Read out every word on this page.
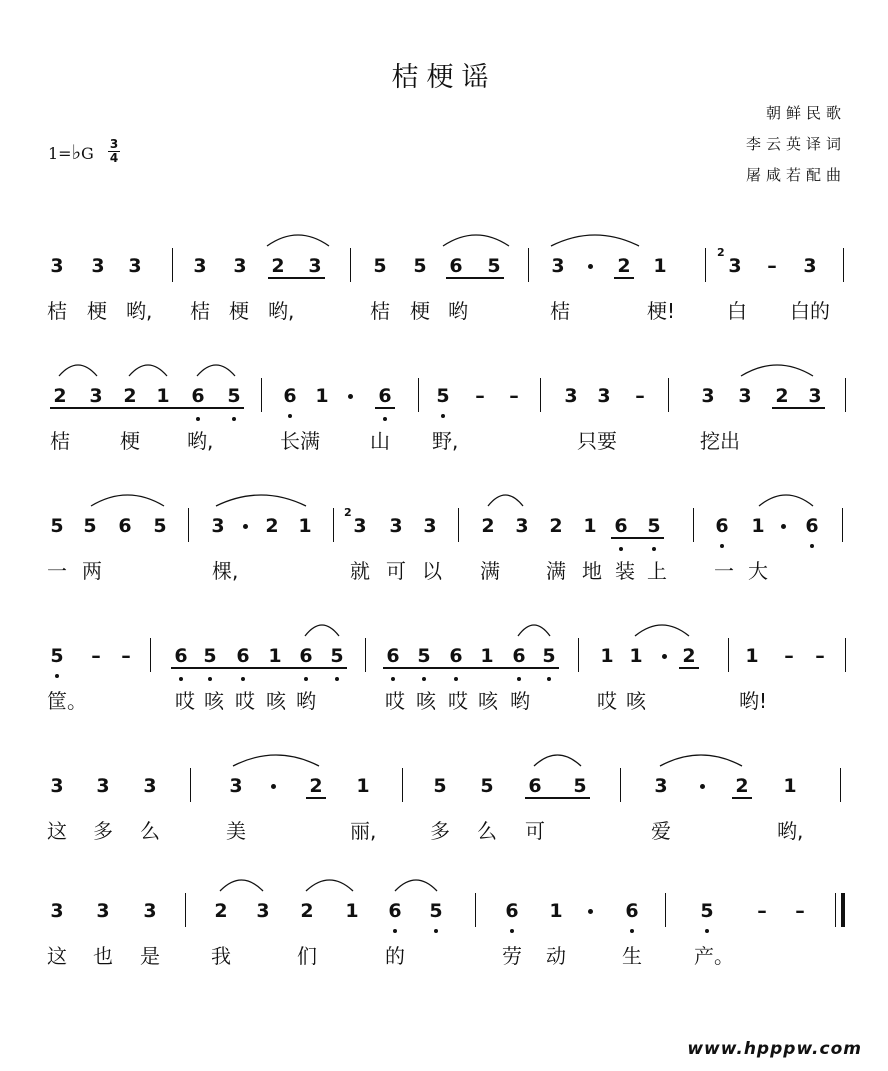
桔梗谣
朝鲜民歌
李云英译词
屠咸若配曲
1=♭G 3
4
3 3 3	3 3 2 3	5 5 6 5	3	2 1	3	–	3
2
桔 梗 哟, 桔 梗 哟,	桔 梗 哟	桔	梗!	白 白的
2 3 2 1 6 5 6 1	6 5	–	–	3 3	–	3 3 2 3
桔	梗 哟,	长满	山 野,	只要	挖出
5 5 6 5 3 2 1 3 3 3 2 3 2 1 6 5	6 1 6
2
一 两	棵,	就 可 以 满 满 地 装 上 一 大
5	–	–	6 5 6 1 6 5 6 5 6 1 6 5 1 1 2	1	–	–
筐。	哎 咳 哎 咳 哟	哎 咳 哎 咳 哟	哎 咳	哟!
3 3 3	3	2 1	5 5 6 5	3	2 1
这 多 么	美	丽,	多 么 可	爱	哟,
3 3 3	2 3 2 1 6 5	6 1	6	5	–	–
这 也 是	我	们	的	劳 动	生	产。
www.hpppw.com
